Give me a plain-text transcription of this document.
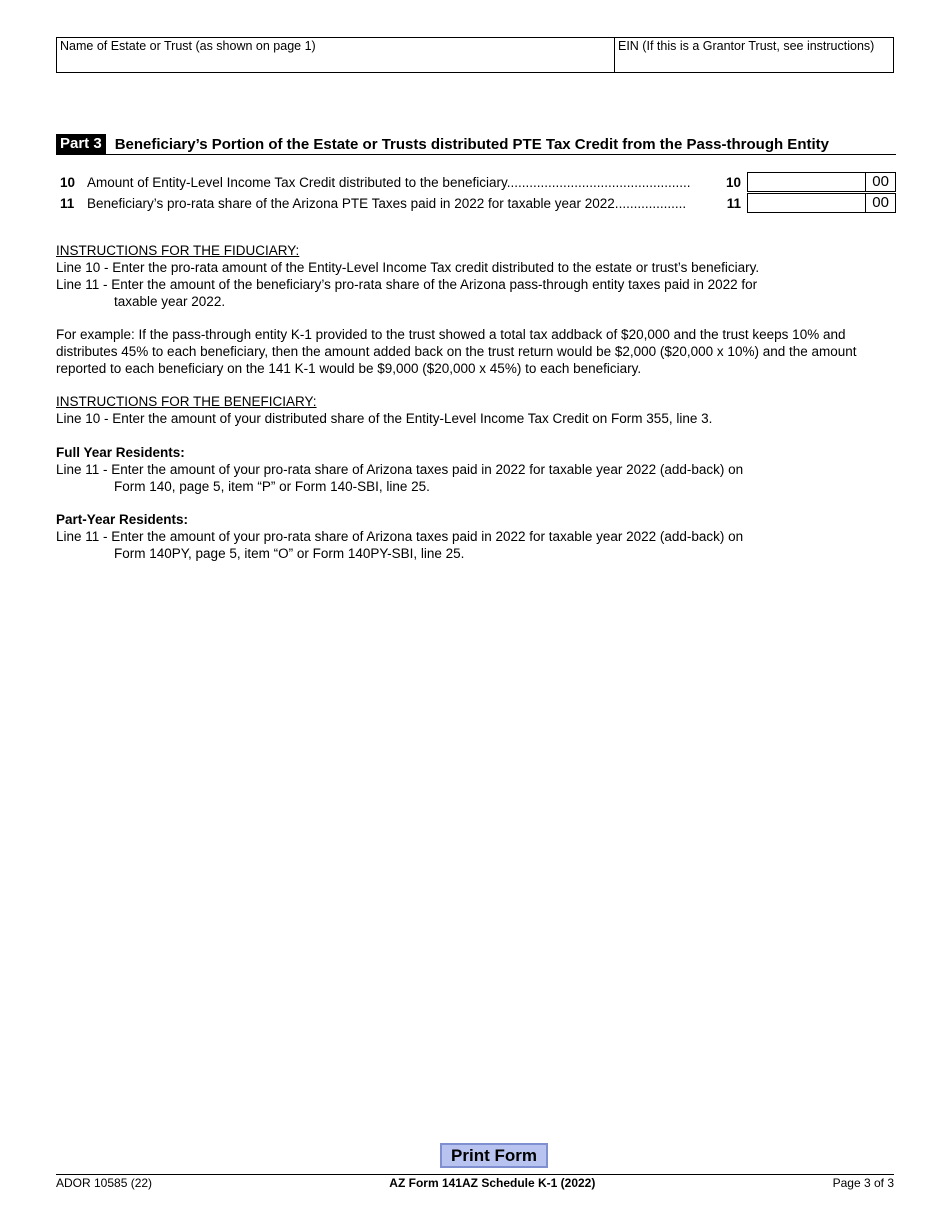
Name of Estate or Trust (as shown on page 1)	EIN (If this is a Grantor Trust, see instructions)
Part 3 Beneficiary’s Portion of the Estate or Trusts distributed PTE Tax Credit from the Pass-through Entity
10 Amount of Entity-Level Income Tax Credit distributed to the beneficiary.................................................	10	00
11 Beneficiary’s pro-rata share of the Arizona PTE Taxes paid in 2022 for taxable year 2022...................	11	00
INSTRUCTIONS FOR THE FIDUCIARY:
Line 10 - Enter the pro-rata amount of the Entity-Level Income Tax credit distributed to the estate or trust’s beneficiary.
Line 11 - Enter the amount of the beneficiary’s pro-rata share of the Arizona pass-through entity taxes paid in 2022 for
taxable year 2022.
For example: If the pass-through entity K-1 provided to the trust showed a total tax addback of $20,000 and the trust keeps 10% and
distributes 45% to each beneficiary, then the amount added back on the trust return would be $2,000 ($20,000 x 10%) and the amount
reported to each beneficiary on the 141 K-1 would be $9,000 ($20,000 x 45%) to each beneficiary.
INSTRUCTIONS FOR THE BENEFICIARY:
Line 10 - Enter the amount of your distributed share of the Entity-Level Income Tax Credit on Form 355, line 3.
Full Year Residents:
Line 11 - Enter the amount of your pro-rata share of Arizona taxes paid in 2022 for taxable year 2022 (add-back) on
Form 140, page 5, item “P” or Form 140-SBI, line 25.
Part-Year Residents:
Line 11 - Enter the amount of your pro-rata share of Arizona taxes paid in 2022 for taxable year 2022 (add-back) on
Form 140PY, page 5, item “O” or Form 140PY-SBI, line 25.
Print Form
ADOR 10585 (22)	AZ Form 141AZ Schedule K-1 (2022)	Page 3 of 3
